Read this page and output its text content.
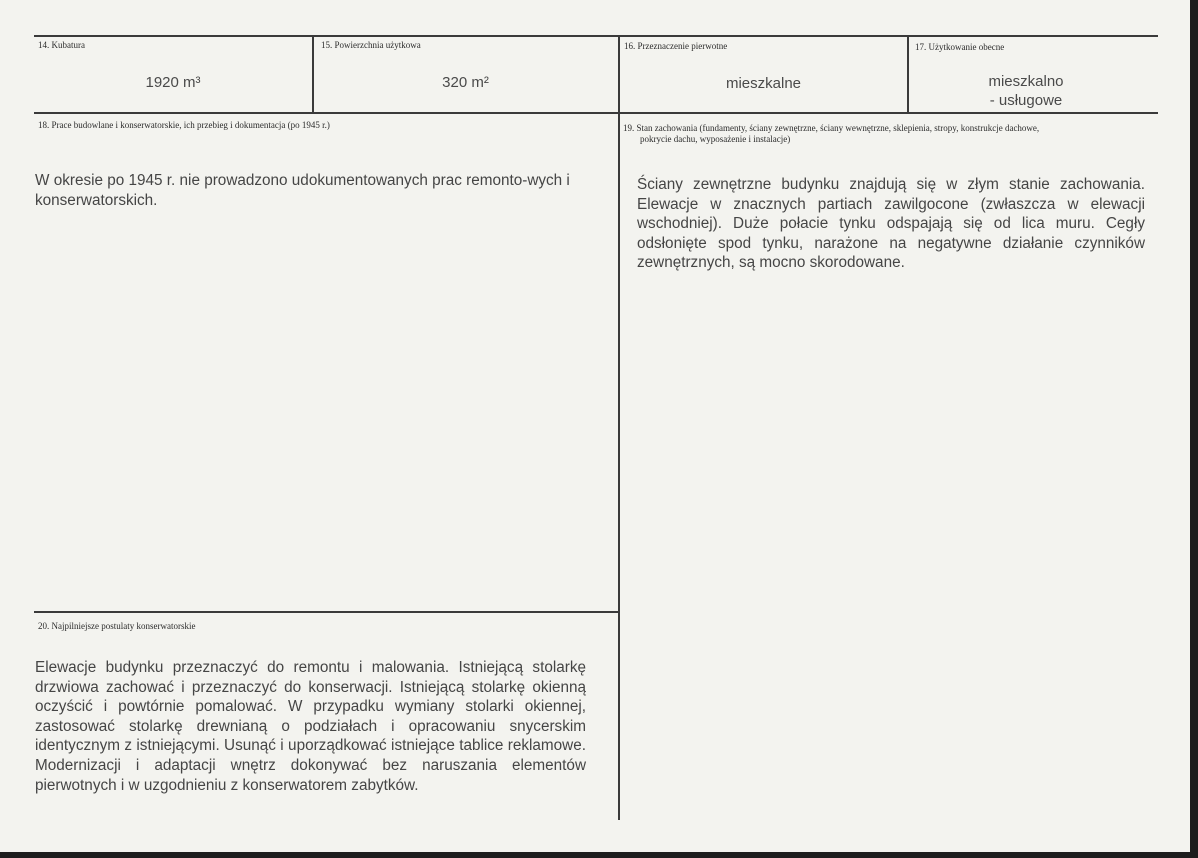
14. Kubatura
1920 m³
15. Powierzchnia użytkowa
320 m²
16. Przeznaczenie pierwotne
mieszkalne
17. Użytkowanie obecne
mieszkalno
- usługowe
18. Prace budowlane i konserwatorskie, ich przebieg i dokumentacja (po 1945 r.)
W okresie po 1945 r. nie prowadzono udokumentowanych prac remonto-wych i konserwatorskich.
19. Stan zachowania (fundamenty, ściany zewnętrzne, ściany wewnętrzne, sklepienia, stropy, konstrukcje dachowe,
pokrycie dachu, wyposażenie i instalacje)
Ściany zewnętrzne budynku znajdują się w złym stanie zachowania. Elewacje w znacznych partiach zawilgocone (zwłaszcza w elewacji wschodniej). Duże połacie tynku odspajają się od lica muru. Cegły odsłonięte spod tynku, narażone na negatywne działanie czynników zewnętrznych, są mocno skorodowane.
20. Najpilniejsze postulaty konserwatorskie
Elewacje budynku przeznaczyć do remontu i malowania. Istniejącą stolarkę drzwiowa zachować i przeznaczyć do konserwacji. Istniejącą stolarkę okienną oczyścić i powtórnie pomalować. W przypadku wymiany stolarki okiennej, zastosować stolarkę drewnianą o podziałach i opracowaniu snycerskim identycznym z istniejącymi. Usunąć i uporządkować istniejące tablice reklamowe. Modernizacji i adaptacji wnętrz dokonywać bez naruszania elementów pierwotnych i w uzgodnieniu z konserwatorem zabytków.
